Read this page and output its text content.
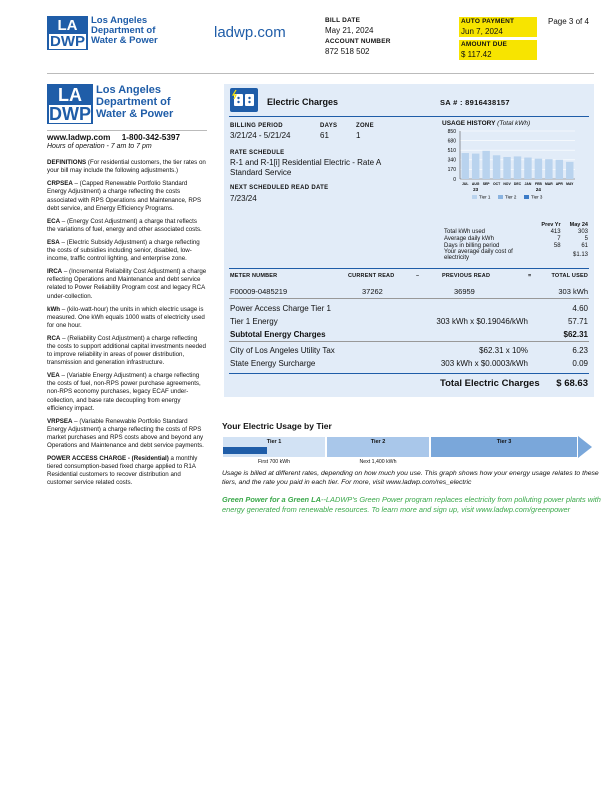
LA
DWP
Los Angeles
Department of
Water & Power	ladwp.com
BILL DATE
May 21, 2024
ACCOUNT NUMBER
872 518 502
AUTO PAYMENT
Jun 7, 2024
AMOUNT DUE
$ 117.42
Page 3 of 4
LA
DWP
Los Angeles
Department of
Water & Power
www.ladwp.com     1-800-342-5397
Hours of operation - 7 am to 7 pm

DEFINITIONS (For residential customers, the tier rates on your bill may include the following adjustments.)

CRPSEA – (Capped Renewable Portfolio Standard Energy Adjustment) a charge reflecting the costs associated with RPS Operations and Maintenance, RPS debt service, and Energy Efficiency Programs.

ECA – (Energy Cost Adjustment) a charge that reflects the variations of fuel, energy and other associated costs.

ESA – (Electric Subsidy Adjustment) a charge reflecting the costs of subsidies including senior, disabled, low-income, traffic control lighting, and enterprise zone.

IRCA – (Incremental Reliability Cost Adjustment) a charge reflecting Operations and Maintenance and debt service related to Power Reliability Program cost and legacy RCA under-collection.

kWh – (kilo-watt-hour) the units in which electric usage is measured. One kWh equals 1000 watts of electricity used for one hour.

RCA – (Reliability Cost Adjustment) a charge reflecting the costs to support additional capital investments needed to improve reliability in areas of power distribution, transmission and generation infrastructure.

VEA – (Variable Energy Adjustment) a charge reflecting the costs of fuel, non-RPS power purchase agreements, non-RPS economy purchases, legacy ECAF under-collection, and base rate decoupling from energy efficiency impact.

VRPSEA – (Variable Renewable Portfolio Standard Energy Adjustment) a charge reflecting the costs of RPS market purchases and RPS costs above and beyond any Operations and Maintenance and debt service payments.

POWER ACCESS CHARGE - (Residential) a monthly tiered consumption-based fixed charge applied to R1A Residential customers to recover distribution and customer service related costs.

Electric Charges	SA # : 8916438157
BILLING PERIOD
3/21/24 - 5/21/24
DAYS
61
ZONE
1
RATE SCHEDULE
R-1 and R-1[i] Residential Electric - Rate A
Standard Service
NEXT SCHEDULED READ DATE
7/23/24
USAGE HISTORY (Total kWh)
850
680
510
340
170
0
JUL AUG SEP OCT NOV DEC JAN FEB MAR APR MAY
23	24
Tier 1	Tier 2	Tier 3
	Prev Yr	May 24
Total kWh used	413	303
Average daily kWh	7	5
Days in billing period	58	61
Your average daily cost of electricity		$1.13
METER NUMBER	CURRENT READ	–	PREVIOUS READ	=	TOTAL USED
F00009-0485219	37262	36959	303 kWh
Power Access Charge Tier 1	4.60
Tier 1 Energy	303 kWh x $0.19046/kWh	57.71
Subtotal Energy Charges	$62.31
City of Los Angeles Utility Tax	$62.31 x 10%	6.23
State Energy Surcharge	303 kWh x $0.0003/kWh	0.09
Total Electric Charges $ 68.63
Your Electric Usage by Tier
Tier 1	Tier 2	Tier 3
First 700 kWh	Next 1,400 kWh
Usage is billed at different rates, depending on how much you use. This graph shows how your energy usage relates to these tiers, and the rate you paid in each tier. For more, visit www.ladwp.com/res_electric
Green Power for a Green LA--LADWP's Green Power program replaces electricity from polluting power plants with energy generated from renewable resources. To learn more and sign up, visit www.ladwp.com/greenpower
